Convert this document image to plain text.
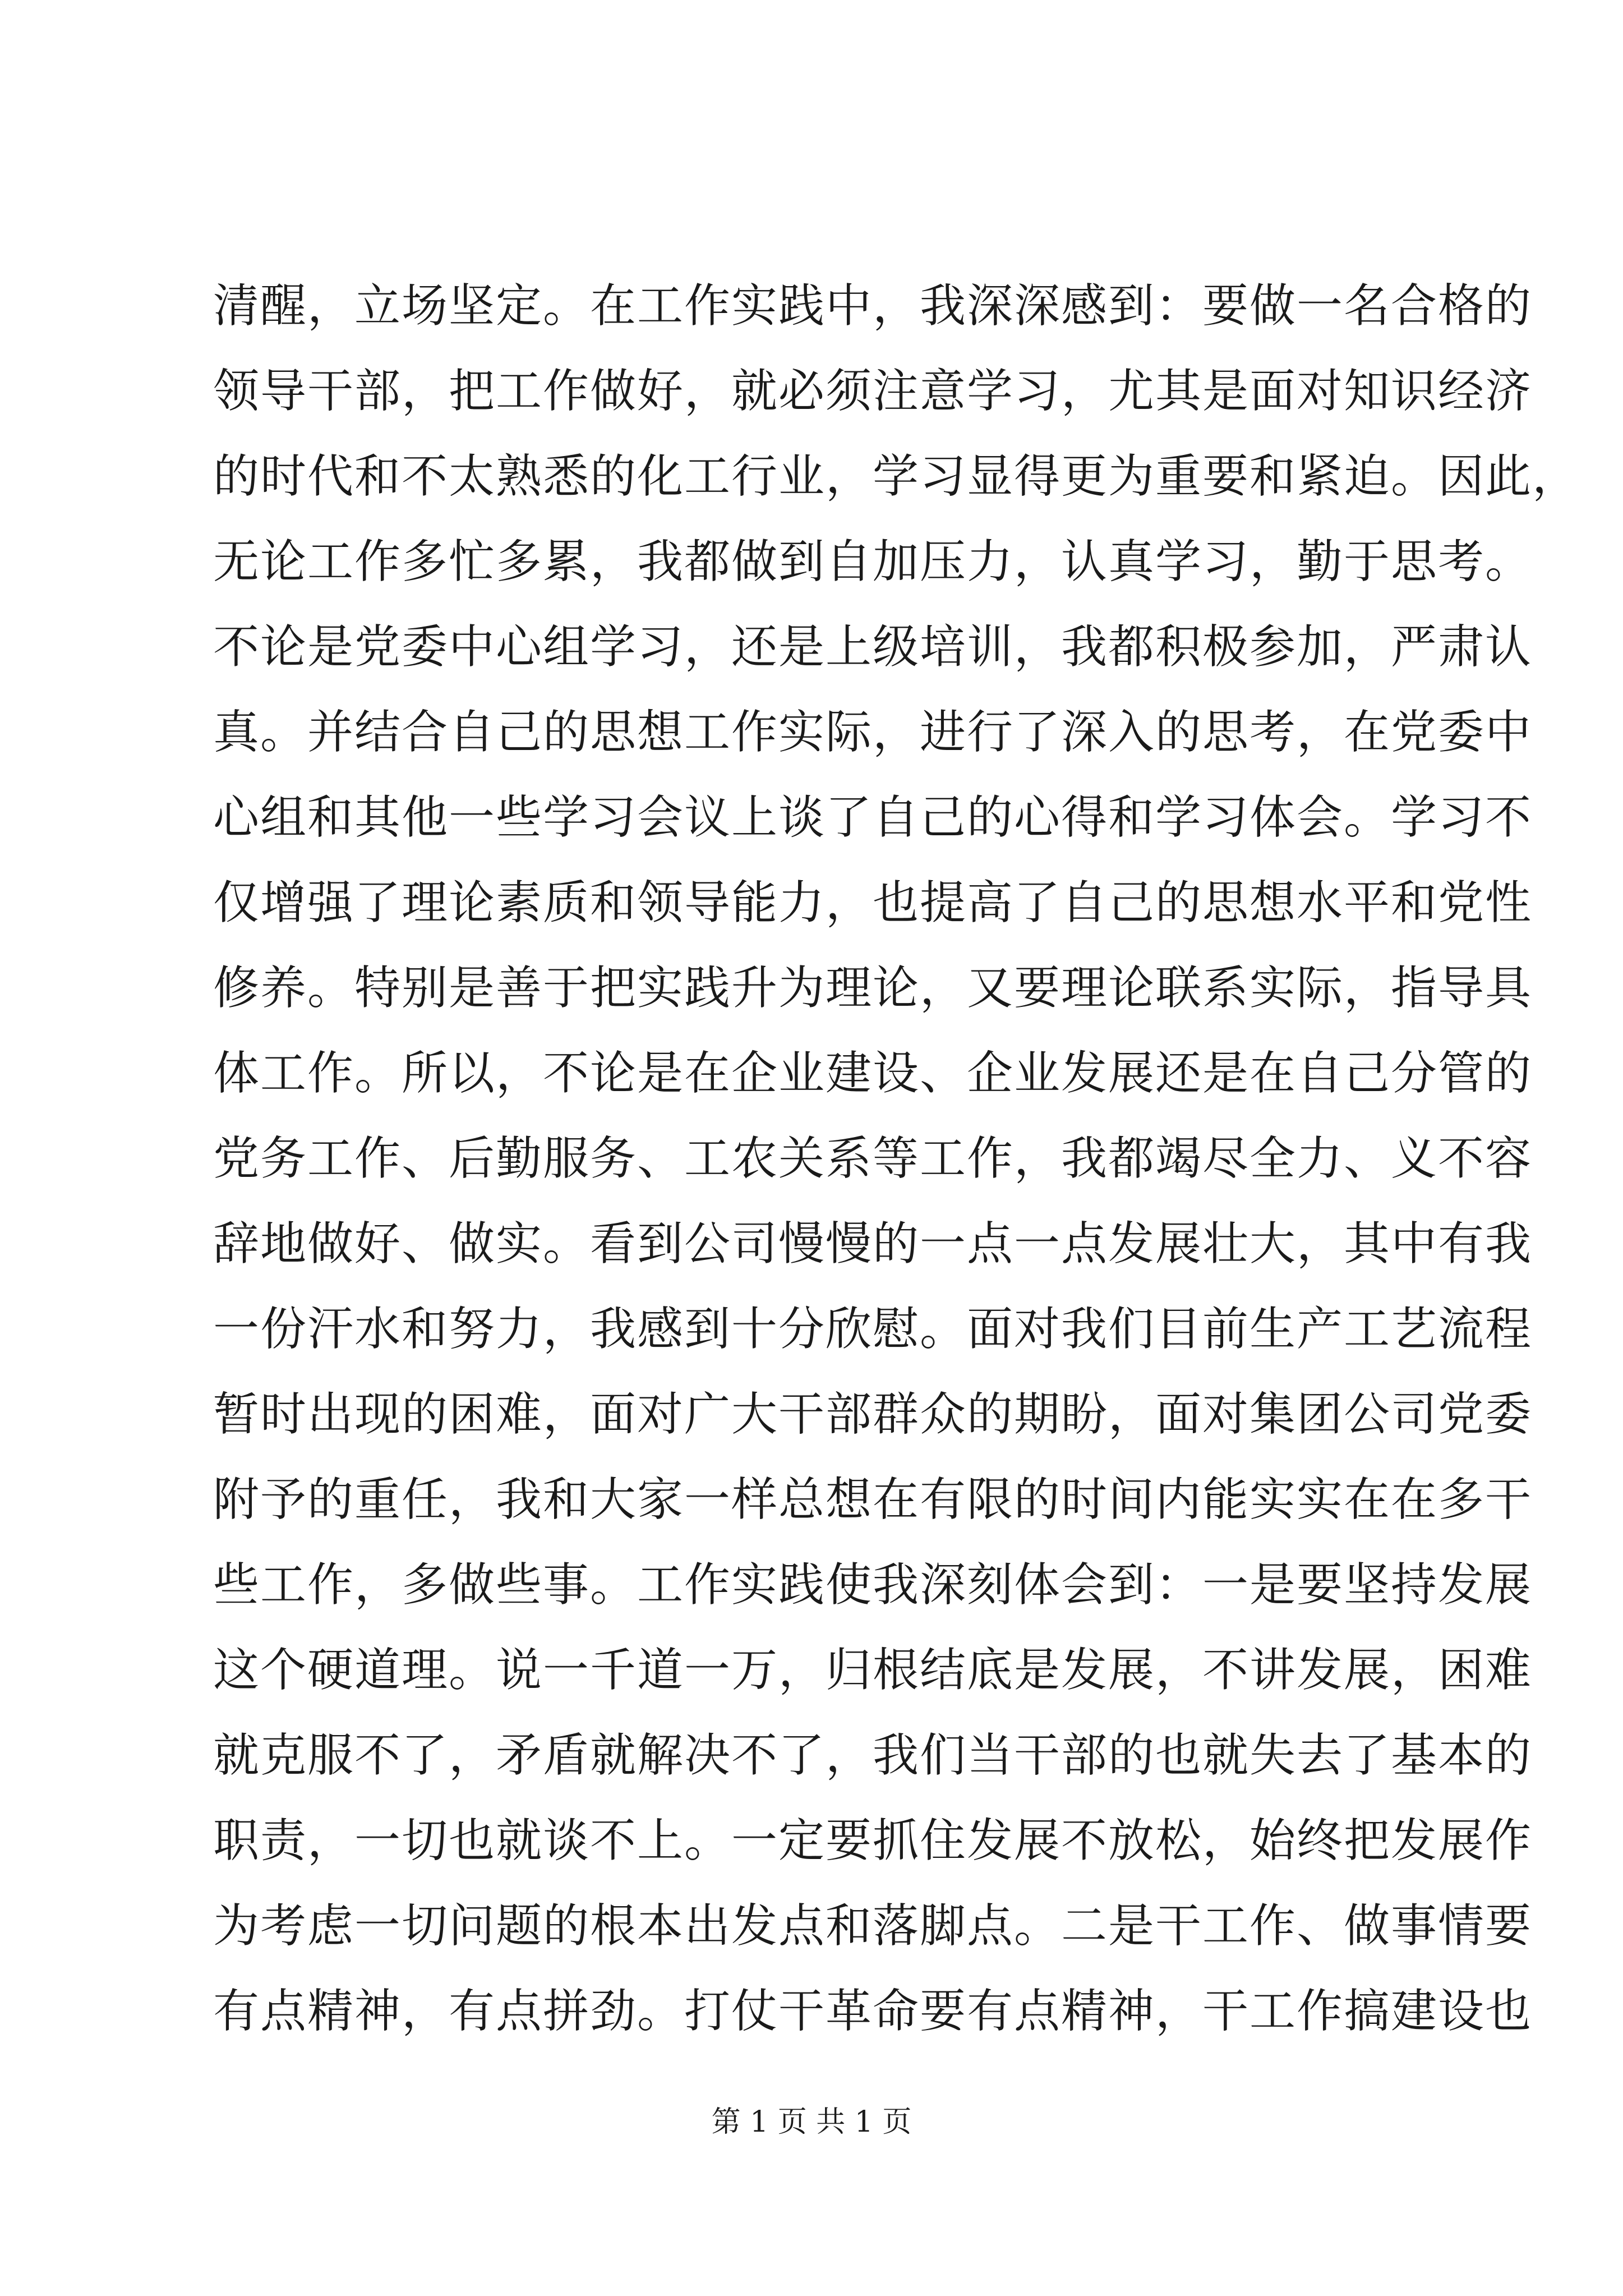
清醒，立场坚定。在工作实践中，我深深感到：要做一名合格的
领导干部，把工作做好，就必须注意学习，尤其是面对知识经济
的时代和不太熟悉的化工行业，学习显得更为重要和紧迫。因此，
无论工作多忙多累，我都做到自加压力，认真学习，勤于思考。
不论是党委中心组学习，还是上级培训，我都积极参加，严肃认
真。并结合自己的思想工作实际，进行了深入的思考，在党委中
心组和其他一些学习会议上谈了自己的心得和学习体会。学习不
仅增强了理论素质和领导能力，也提高了自己的思想水平和党性
修养。特别是善于把实践升为理论，又要理论联系实际，指导具
体工作。所以，不论是在企业建设、企业发展还是在自己分管的
党务工作、后勤服务、工农关系等工作，我都竭尽全力、义不容
辞地做好、做实。看到公司慢慢的一点一点发展壮大，其中有我
一份汗水和努力，我感到十分欣慰。面对我们目前生产工艺流程
暂时出现的困难，面对广大干部群众的期盼，面对集团公司党委
附予的重任，我和大家一样总想在有限的时间内能实实在在多干
些工作，多做些事。工作实践使我深刻体会到：一是要坚持发展
这个硬道理。说一千道一万，归根结底是发展，不讲发展，困难
就克服不了，矛盾就解决不了，我们当干部的也就失去了基本的
职责，一切也就谈不上。一定要抓住发展不放松，始终把发展作
为考虑一切问题的根本出发点和落脚点。二是干工作、做事情要
有点精神，有点拼劲。打仗干革命要有点精神，干工作搞建设也
第 1 页 共 1 页
